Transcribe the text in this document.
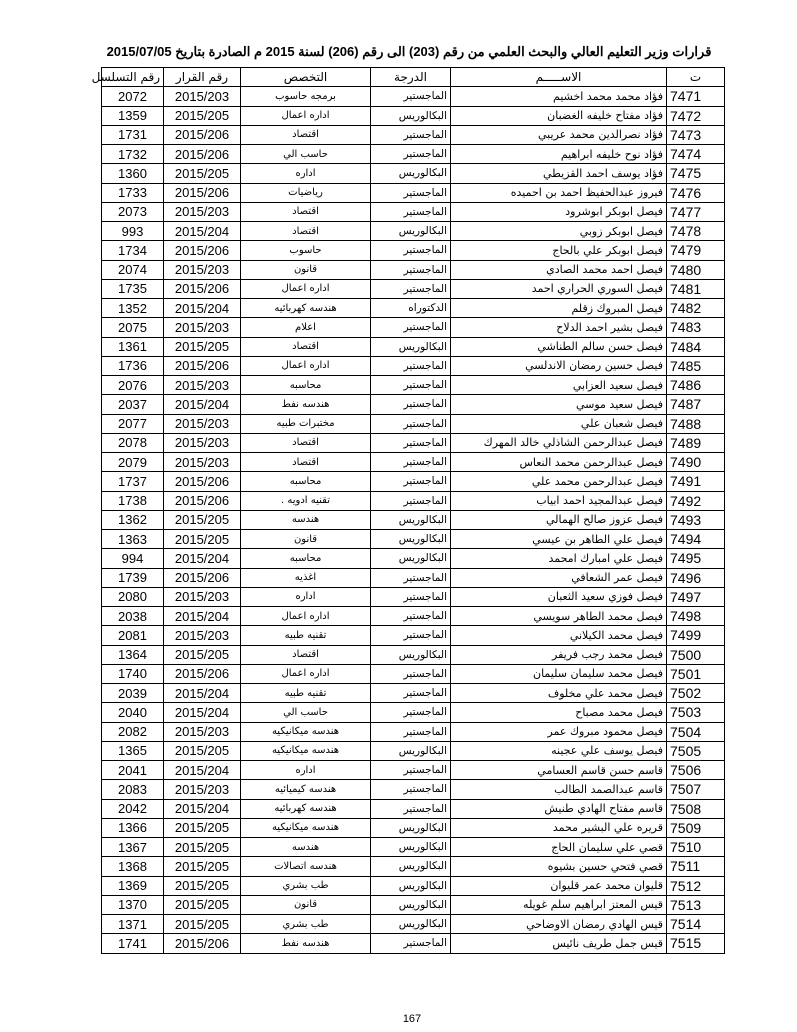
قرارات وزير التعليم العالي والبحث العلمي من رقم (203) الى رقم (206) لسنة 2015 م الصادرة بتاريخ 2015/07/05
ت	الاســـــم	الدرجة	التخصص	رقم القرار	رقم التسلسل
7471	فؤاد محمد محمد اخشيم	الماجستير	برمجه حاسوب	2015/203	2072
7472	فؤاد مفتاح خليفه الغضبان	البكالوريس	اداره اعمال	2015/205	1359
7473	فؤاد نصرالدين محمد عريبي	الماجستير	اقتصاد	2015/206	1731
7474	فؤاد نوح خليفه ابراهيم	الماجستير	حاسب الي	2015/206	1732
7475	فؤاد يوسف احمد القزيطي	البكالوريس	اداره	2015/205	1360
7476	فيروز عبدالحفيظ احمد بن احميده	الماجستير	رياضيات	2015/206	1733
7477	فيصل ابوبكر ابوشرود	الماجستير	اقتصاد	2015/203	2073
7478	فيصل ابوبكر زوبي	البكالوريس	اقتصاد	2015/204	993
7479	فيصل ابوبكر علي بالحاج	الماجستير	حاسوب	2015/206	1734
7480	فيصل احمد محمد الصادي	الماجستير	قانون	2015/203	2074
7481	فيصل السوري الحراري احمد	الماجستير	اداره اعمال	2015/206	1735
7482	فيصل المبروك زقلم	الدكتوراه	هندسه كهربائيه	2015/204	1352
7483	فيصل بشير احمد الدلاح	الماجستير	اعلام	2015/203	2075
7484	فيصل حسن سالم الطناشي	البكالوريس	اقتصاد	2015/205	1361
7485	فيصل حسين رمضان الاندلسي	الماجستير	اداره اعمال	2015/206	1736
7486	فيصل سعيد العزابي	الماجستير	محاسبه	2015/203	2076
7487	فيصل سعيد موسي	الماجستير	هندسه نفط	2015/204	2037
7488	فيصل شعبان علي	الماجستير	مختبرات طبيه	2015/203	2077
7489	فيصل عبدالرحمن الشاذلي خالد المهرك	الماجستير	اقتصاد	2015/203	2078
7490	فيصل عبدالرحمن محمد النعاس	الماجستير	اقتصاد	2015/203	2079
7491	فيصل عبدالرحمن محمد علي	الماجستير	محاسبه	2015/206	1737
7492	فيصل عبدالمجيد احمد ابياب	الماجستير	تقنيه ادويه .	2015/206	1738
7493	فيصل عزوز صالح الهمالي	البكالوريس	هندسه	2015/205	1362
7494	فيصل علي الطاهر بن عيسي	البكالوريس	قانون	2015/205	1363
7495	فيصل علي امبارك امحمد	البكالوريس	محاسبه	2015/204	994
7496	فيصل عمر الشعافي	الماجستير	اغذيه	2015/206	1739
7497	فيصل فوزي سعيد الثعبان	الماجستير	اداره	2015/203	2080
7498	فيصل محمد الطاهر سويسي	الماجستير	اداره اعمال	2015/204	2038
7499	فيصل محمد الكيلاني	الماجستير	تقنيه طبيه	2015/203	2081
7500	فيصل محمد رجب فريفر	البكالوريس	اقتصاد	2015/205	1364
7501	فيصل محمد سليمان سليمان	الماجستير	اداره اعمال	2015/206	1740
7502	فيصل محمد علي مخلوف	الماجستير	تقنيه طبيه	2015/204	2039
7503	فيصل محمد مصباح	الماجستير	حاسب الي	2015/204	2040
7504	فيصل محمود مبروك عمر	الماجستير	هندسه ميكانيكيه	2015/203	2082
7505	فيصل يوسف علي عجينه	البكالوريس	هندسه ميكانيكيه	2015/205	1365
7506	قاسم حسن قاسم العسامي	الماجستير	اداره	2015/204	2041
7507	قاسم عبدالصمد الطالب	الماجستير	هندسه كيميائيه	2015/203	2083
7508	قاسم مفتاح الهادي طنيش	الماجستير	هندسه كهربائيه	2015/204	2042
7509	قريره علي البشير محمد	البكالوريس	هندسه ميكانيكيه	2015/205	1366
7510	قصي علي سليمان الحاج	البكالوريس	هندسه	2015/205	1367
7511	قصي فتحي حسين بشيوه	البكالوريس	هندسه اتصالات	2015/205	1368
7512	قليوان محمد عمر قليوان	البكالوريس	طب بشري	2015/205	1369
7513	قيس المعتز ابراهيم سلم غويله	البكالوريس	قانون	2015/205	1370
7514	قيس الهادي رمضان الاوضاحي	البكالوريس	طب بشري	2015/205	1371
7515	قيس جمل طريف نائيس	الماجستير	هندسه نفط	2015/206	1741
167
